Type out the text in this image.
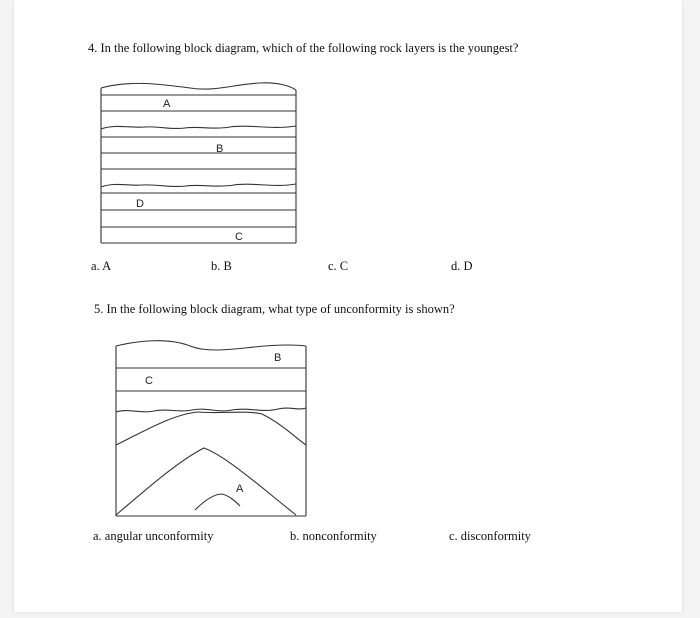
4. In the following block diagram, which of the following rock layers is the youngest?
A
B
D
C
a. A	b. B	c. C	d. D
5. In the following block diagram, what type of unconformity is shown?
B
C
A
a. angular unconformity	b. nonconformity	c. disconformity
